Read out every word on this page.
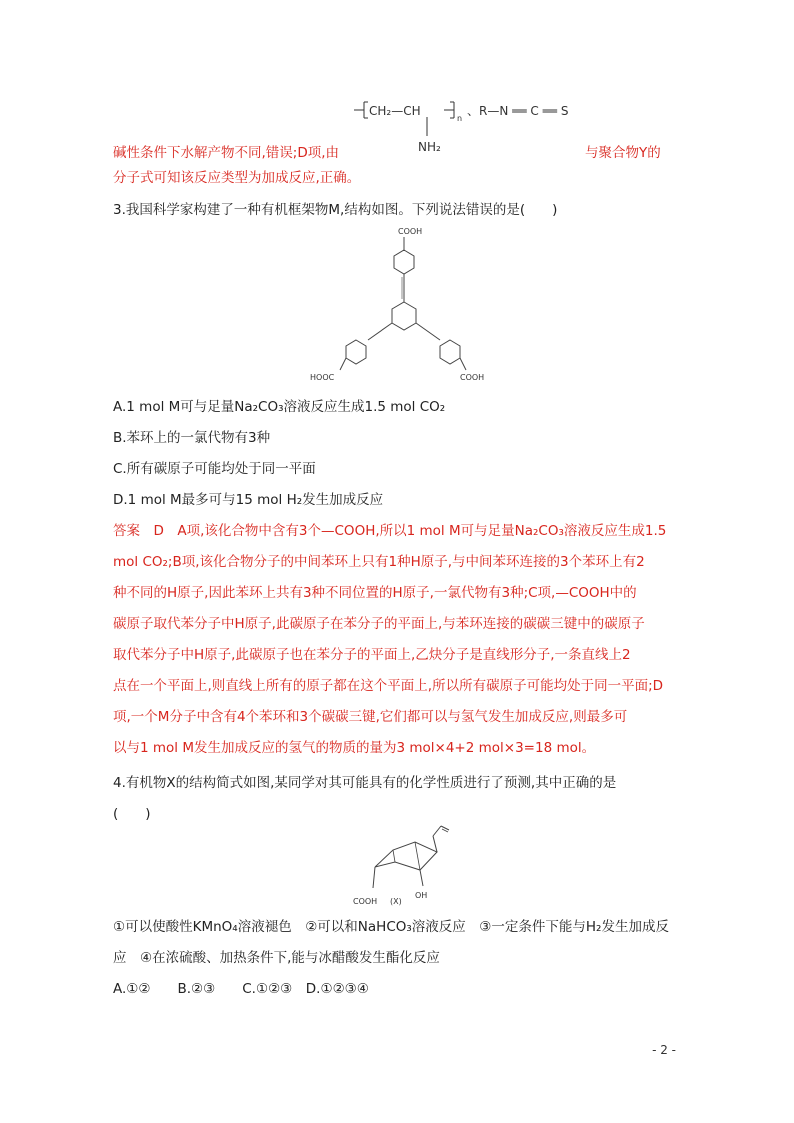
CH₂—CH
n
NH₂
、R—N ══ C ══ S
碱性条件下水解产物不同,错误;D项,由	与聚合物Y的
分子式可知该反应类型为加成反应,正确。
3.我国科学家构建了一种有机框架物M,结构如图。下列说法错误的是(　　)
COOH
HOOC	COOH
A.1 mol M可与足量Na₂CO₃溶液反应生成1.5 mol CO₂
B.苯环上的一氯代物有3种
C.所有碳原子可能均处于同一平面
D.1 mol M最多可与15 mol H₂发生加成反应
答案　D　A项,该化合物中含有3个—COOH,所以1 mol M可与足量Na₂CO₃溶液反应生成1.5
mol CO₂;B项,该化合物分子的中间苯环上只有1种H原子,与中间苯环连接的3个苯环上有2
种不同的H原子,因此苯环上共有3种不同位置的H原子,一氯代物有3种;C项,—COOH中的
碳原子取代苯分子中H原子,此碳原子在苯分子的平面上,与苯环连接的碳碳三键中的碳原子
取代苯分子中H原子,此碳原子也在苯分子的平面上,乙炔分子是直线形分子,一条直线上2
点在一个平面上,则直线上所有的原子都在这个平面上,所以所有碳原子可能均处于同一平面;D
项,一个M分子中含有4个苯环和3个碳碳三键,它们都可以与氢气发生加成反应,则最多可
以与1 mol M发生加成反应的氢气的物质的量为3 mol×4+2 mol×3=18 mol。
4.有机物X的结构简式如图,某同学对其可能具有的化学性质进行了预测,其中正确的是
(　　)
COOH (X)
OH
①可以使酸性KMnO₄溶液褪色　②可以和NaHCO₃溶液反应　③一定条件下能与H₂发生加成反
应　④在浓硫酸、加热条件下,能与冰醋酸发生酯化反应
A.①②　　B.②③　　C.①②③　D.①②③④
- 2 -
